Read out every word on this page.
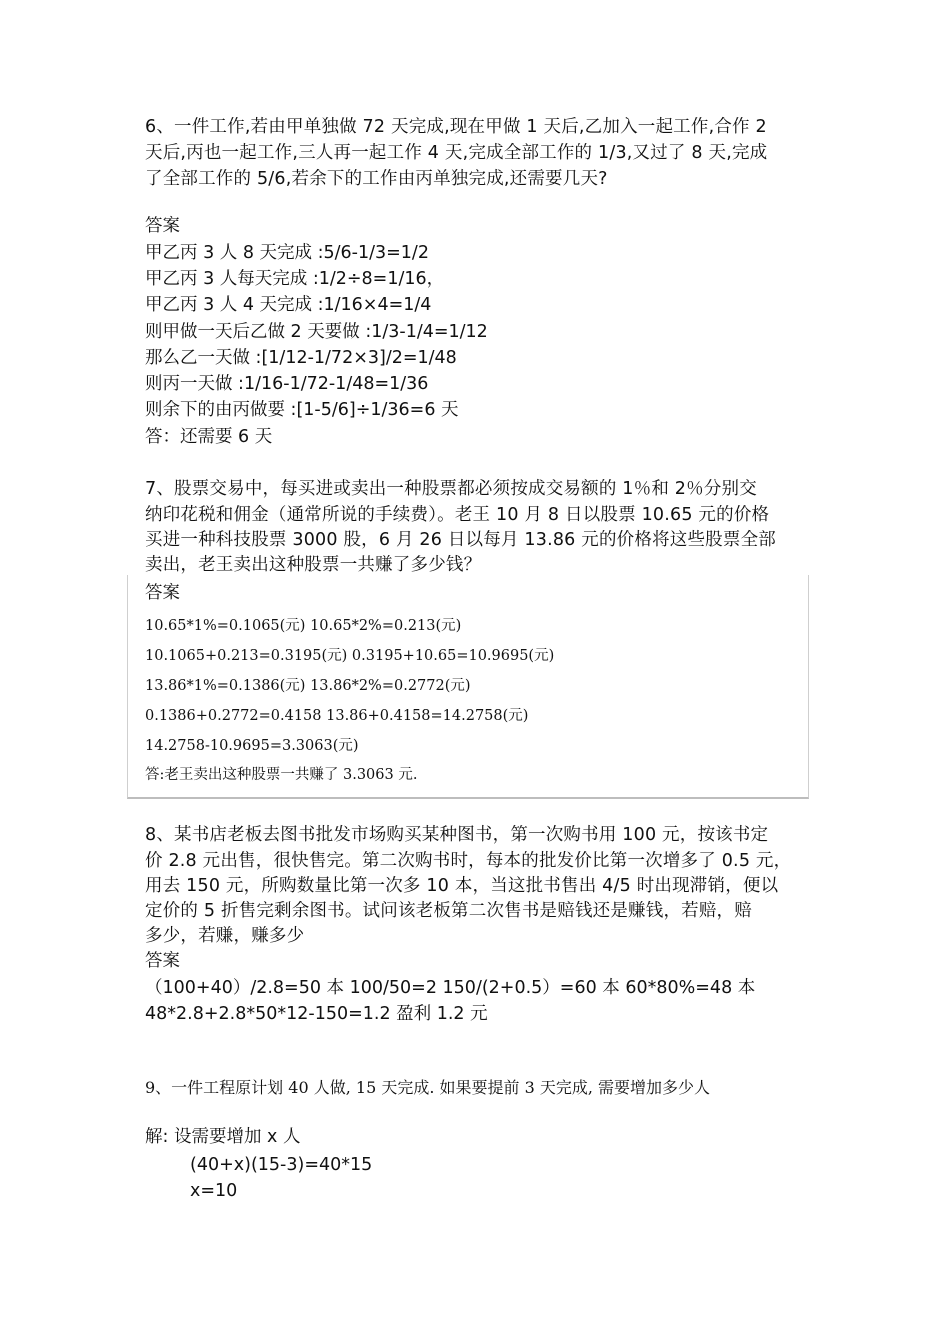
6、一件工作,若由甲单独做 72 天完成,现在甲做 1 天后,乙加入一起工作,合作 2
天后,丙也一起工作,三人再一起工作 4 天,完成全部工作的 1/3,又过了 8 天,完成
了全部工作的 5/6,若余下的工作由丙单独完成,还需要几天?
答案
甲乙丙 3 人 8 天完成 :5/6-1/3=1/2
甲乙丙 3 人每天完成 :1/2÷8=1/16，
甲乙丙 3 人 4 天完成 :1/16×4=1/4
则甲做一天后乙做 2 天要做 :1/3-1/4=1/12
那么乙一天做 :[1/12-1/72×3]/2=1/48
则丙一天做 :1/16-1/72-1/48=1/36
则余下的由丙做要 :[1-5/6]÷1/36=6 天
答：还需要 6 天
7、股票交易中，每买进或卖出一种股票都必须按成交易额的 1％和 2％分别交
纳印花税和佣金（通常所说的手续费）。老王 10 月 8 日以股票 10.65 元的价格
买进一种科技股票 3000 股，6 月 26 日以每月 13.86 元的价格将这些股票全部
卖出，老王卖出这种股票一共赚了多少钱？
答案
10.65*1%=0.1065(元) 10.65*2%=0.213(元)
10.1065+0.213=0.3195(元) 0.3195+10.65=10.9695(元)
13.86*1%=0.1386(元) 13.86*2%=0.2772(元)
0.1386+0.2772=0.4158 13.86+0.4158=14.2758(元)
14.2758-10.9695=3.3063(元)
答:老王卖出这种股票一共赚了 3.3063 元.
8、某书店老板去图书批发市场购买某种图书，第一次购书用 100 元，按该书定
价 2.8 元出售，很快售完。第二次购书时，每本的批发价比第一次增多了 0.5 元，
用去 150 元，所购数量比第一次多 10 本，当这批书售出 4/5 时出现滞销，便以
定价的 5 折售完剩余图书。试问该老板第二次售书是赔钱还是赚钱，若赔，赔
多少，若赚，赚多少
答案
（100+40）/2.8=50 本 100/50=2 150/(2+0.5）=60 本 60*80%=48 本
48*2.8+2.8*50*12-150=1.2 盈利 1.2 元
9、一件工程原计划 40 人做, 15 天完成. 如果要提前 3 天完成, 需要增加多少人
解: 设需要增加 x 人
(40+x)(15-3)=40*15
x=10
